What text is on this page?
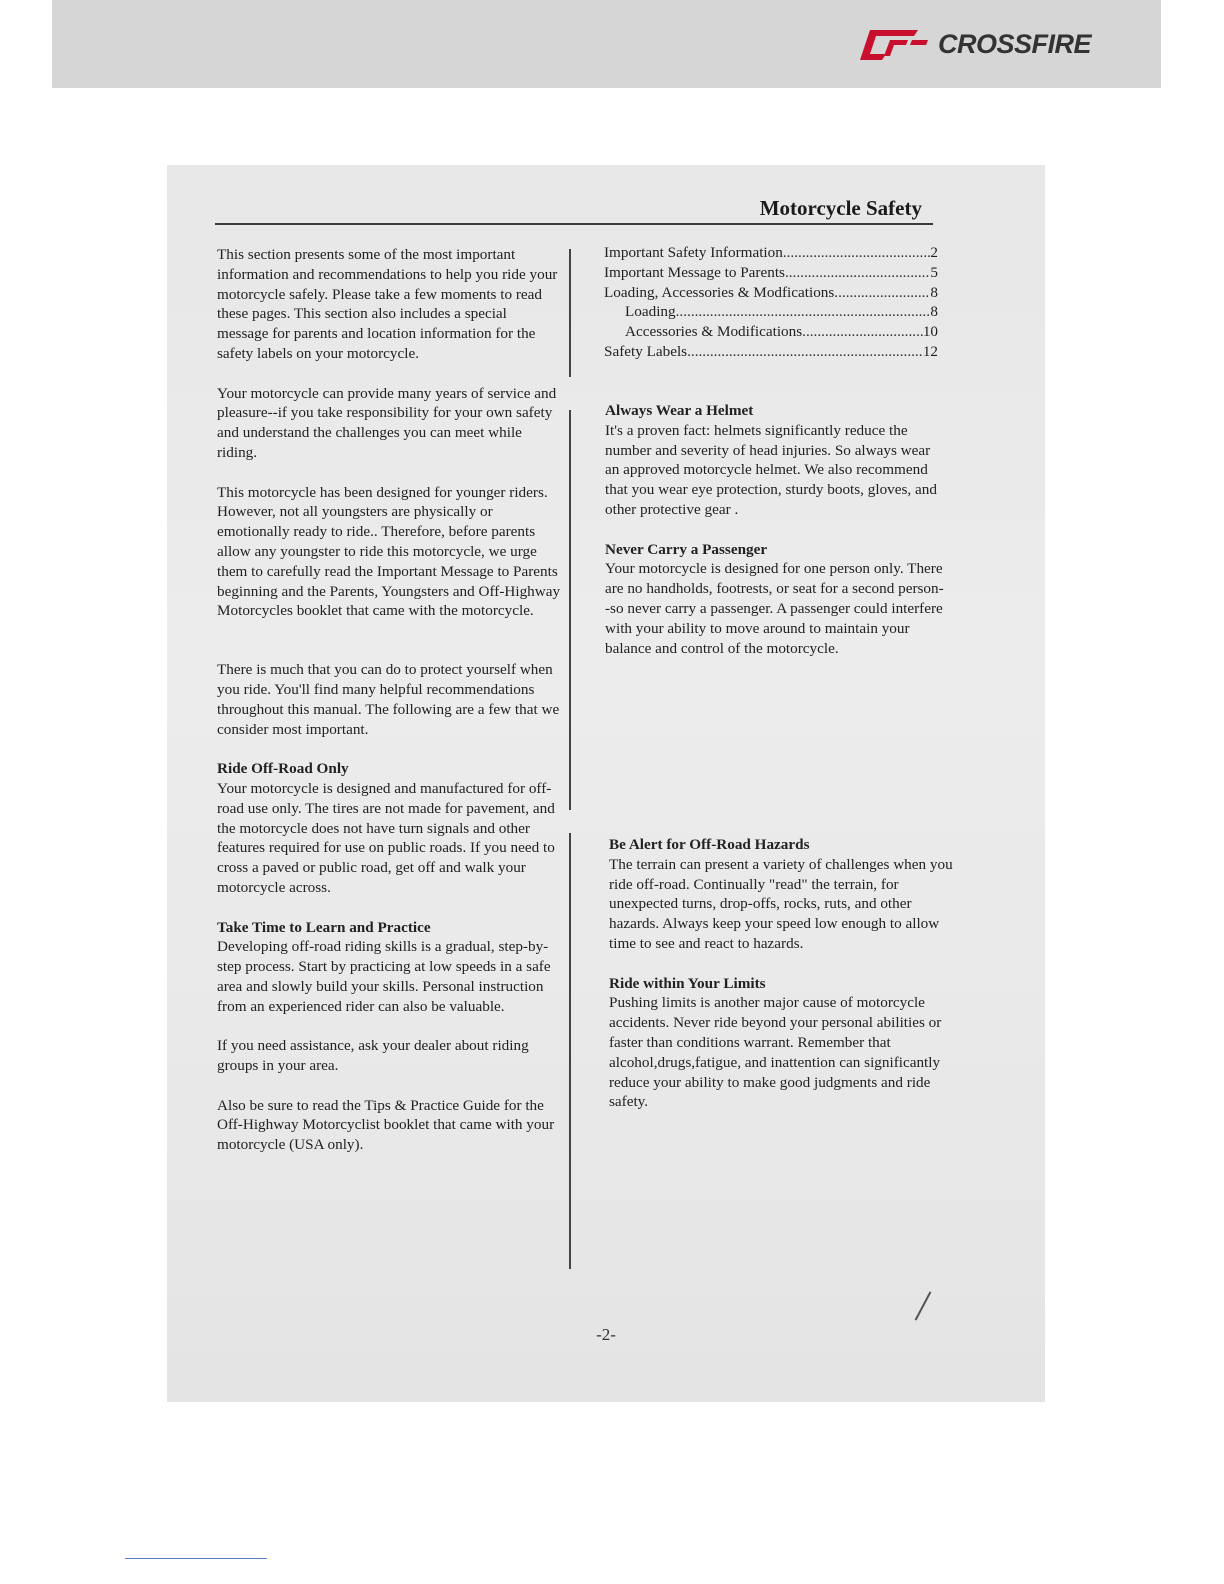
CROSSFIRE
Motorcycle Safety

This section presents some of the most important information and recommendations to help you ride your motorcycle safely. Please take a few moments to read these pages. This section also includes a special message for parents and location information for the safety labels on your motorcycle.

Your motorcycle can provide many years of service and pleasure--if you take responsibility for your own safety and understand the challenges you can meet while riding.

This motorcycle has been designed for younger riders. However, not all youngsters are physically or emotionally ready to ride.. Therefore, before parents allow any youngster to ride this motorcycle, we urge them to carefully read the Important Message to Parents beginning and the Parents, Youngsters and Off-Highway Motorcycles booklet that came with the motorcycle.

There is much that you can do to protect yourself when you ride. You'll find many helpful recommendations throughout this manual. The following are a few that we consider most important.

Ride Off-Road Only

Your motorcycle is designed and manufactured for off-road use only. The tires are not made for pavement, and the motorcycle does not have turn signals and other features required for use on public roads. If you need to cross a paved or public road, get off and walk your motorcycle across.

Take Time to Learn and Practice

Developing off-road riding skills is a gradual, step-by-step process. Start by practicing at low speeds in a safe area and slowly build your skills. Personal instruction from an experienced rider can also be valuable.

If you need assistance, ask your dealer about riding groups in your area.

Also be sure to read the Tips & Practice Guide for the Off-Highway Motorcyclist booklet that came with your motorcycle (USA only).

Important Safety Information .....	2
Important Message to Parents .....	5
Loading, Accessories & Modfications .....	8
Loading .....	8
Accessories & Modifications .....	10
Safety Labels .....	12
Always Wear a Helmet

It's a proven fact: helmets significantly reduce the number and severity of head injuries. So always wear an approved motorcycle helmet. We also recommend that you wear eye protection, sturdy boots, gloves, and other protective gear .

Never Carry a Passenger

Your motorcycle is designed for one person only. There are no handholds, footrests, or seat for a second person--so never carry a passenger. A passenger could interfere with your ability to move around to maintain your balance and control of the motorcycle.

Be Alert for Off-Road Hazards

The terrain can present a variety of challenges when you ride off-road. Continually "read" the terrain, for unexpected turns, drop-offs, rocks, ruts, and other hazards. Always keep your speed low enough to allow time to see and react to hazards.

Ride within Your Limits

Pushing limits is another major cause of motorcycle accidents. Never ride beyond your personal abilities or faster than conditions warrant. Remember that alcohol,drugs,fatigue, and inattention can significantly reduce your ability to make good judgments and ride safety.

-2-
